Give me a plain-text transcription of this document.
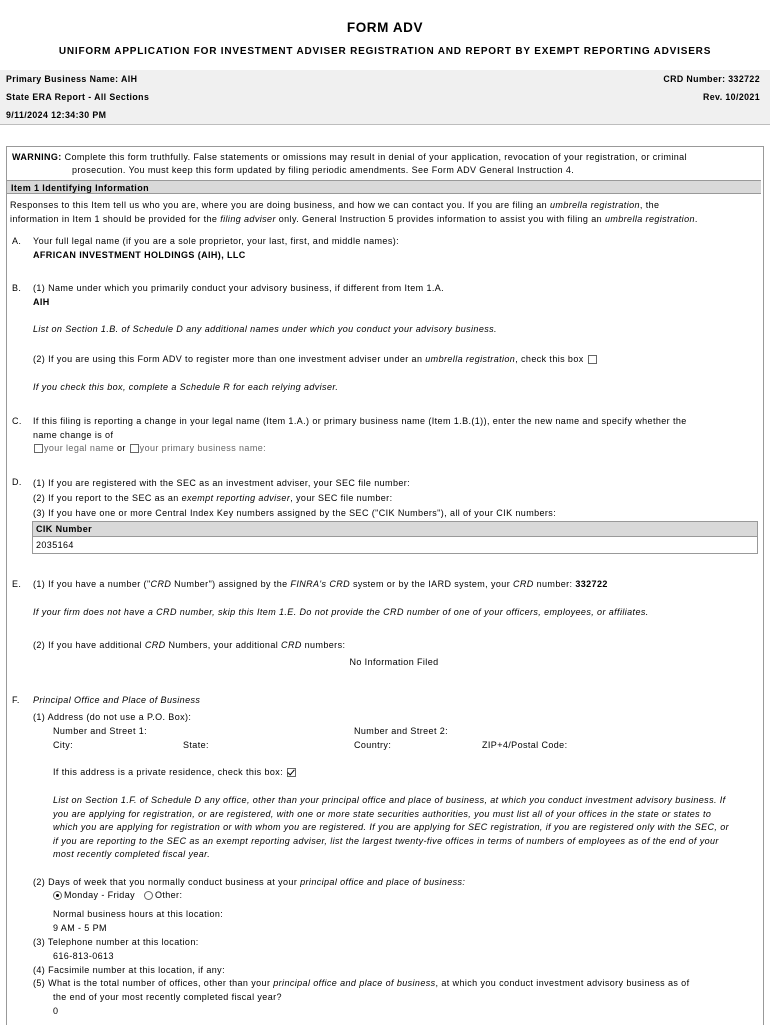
FORM ADV
UNIFORM APPLICATION FOR INVESTMENT ADVISER REGISTRATION AND REPORT BY EXEMPT REPORTING ADVISERS
Primary Business Name: AIH	CRD Number: 332722
State ERA Report - All Sections	Rev. 10/2021
9/11/2024 12:34:30 PM
WARNING: Complete this form truthfully. False statements or omissions may result in denial of your application, revocation of your registration, or criminal
prosecution. You must keep this form updated by filing periodic amendments. See Form ADV General Instruction 4.
Item 1 Identifying Information
Responses to this Item tell us who you are, where you are doing business, and how we can contact you. If you are filing an umbrella registration, the
information in Item 1 should be provided for the filing adviser only. General Instruction 5 provides information to assist you with filing an umbrella registration.
A. Your full legal name (if you are a sole proprietor, your last, first, and middle names):
AFRICAN INVESTMENT HOLDINGS (AIH), LLC
B. (1) Name under which you primarily conduct your advisory business, if different from Item 1.A.
AIH
List on Section 1.B. of Schedule D any additional names under which you conduct your advisory business.
(2) If you are using this Form ADV to register more than one investment adviser under an umbrella registration, check this box
If you check this box, complete a Schedule R for each relying adviser.
C. If this filing is reporting a change in your legal name (Item 1.A.) or primary business name (Item 1.B.(1)), enter the new name and specify whether the
name change is of
your legal name or your primary business name:
D. (1) If you are registered with the SEC as an investment adviser, your SEC file number:
(2) If you report to the SEC as an exempt reporting adviser, your SEC file number:
(3) If you have one or more Central Index Key numbers assigned by the SEC ("CIK Numbers"), all of your CIK numbers:
CIK Number
2035164
E. (1) If you have a number ("CRD Number") assigned by the FINRA's CRD system or by the IARD system, your CRD number: 332722
If your firm does not have a CRD number, skip this Item 1.E. Do not provide the CRD number of one of your officers, employees, or affiliates.
(2) If you have additional CRD Numbers, your additional CRD numbers:
No Information Filed
F. Principal Office and Place of Business
(1) Address (do not use a P.O. Box):
Number and Street 1:	Number and Street 2:
City:	State:	Country:	ZIP+4/Postal Code:
If this address is a private residence, check this box:
List on Section 1.F. of Schedule D any office, other than your principal office and place of business, at which you conduct investment advisory business. If
you are applying for registration, or are registered, with one or more state securities authorities, you must list all of your offices in the state or states to
which you are applying for registration or with whom you are registered. If you are applying for SEC registration, if you are registered only with the SEC, or
if you are reporting to the SEC as an exempt reporting adviser, list the largest twenty-five offices in terms of numbers of employees as of the end of your
most recently completed fiscal year.
(2) Days of week that you normally conduct business at your principal office and place of business:
Monday - Friday Other:
Normal business hours at this location:
9 AM - 5 PM
(3) Telephone number at this location:
616-813-0613
(4) Facsimile number at this location, if any:
(5) What is the total number of offices, other than your principal office and place of business, at which you conduct investment advisory business as of
the end of your most recently completed fiscal year?
0
